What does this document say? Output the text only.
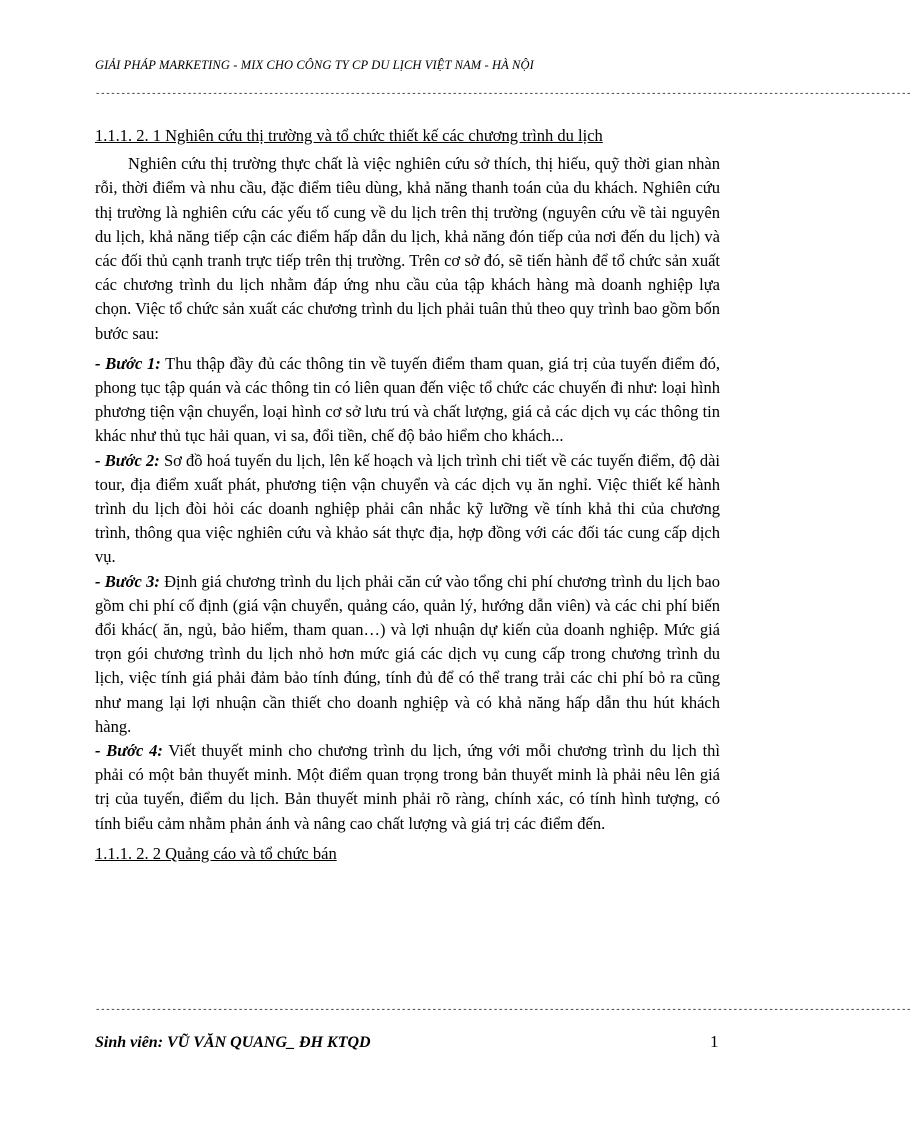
GIẢI PHÁP MARKETING - MIX CHO CÔNG TY CP DU LỊCH VIỆT NAM - HÀ NỘI
----------------------------------------------------------------------------------------------------------------------------------------------------------------

1.1.1. 2. 1 Nghiên cứu thị trường và tổ chức thiết kế các chương trình du lịch

Nghiên cứu thị trường thực chất là việc nghiên cứu sở thích, thị hiếu, quỹ thời gian nhàn rỗi, thời điểm và nhu cầu, đặc điểm tiêu dùng, khả năng thanh toán của du khách. Nghiên cứu thị trường là nghiên cứu các yếu tố cung về du lịch trên thị trường (nguyên cứu về tài nguyên du lịch, khả năng tiếp cận các điểm hấp dẫn du lịch, khả năng đón tiếp của nơi đến du lịch) và các đối thủ cạnh tranh trực tiếp trên thị trường. Trên cơ sở đó, sẽ tiến hành để tổ chức sản xuất các chương trình du lịch nhằm đáp ứng nhu cầu của tập khách hàng mà doanh nghiệp lựa chọn. Việc tổ chức sản xuất các chương trình du lịch phải tuân thủ theo quy trình bao gồm bốn bước sau:

- Bước 1: Thu thập đầy đủ các thông tin về tuyến điểm tham quan, giá trị của tuyến điểm đó, phong tục tập quán và các thông tin có liên quan đến việc tổ chức các chuyến đi như: loại hình phương tiện vận chuyển, loại hình cơ sở lưu trú và chất lượng, giá cả các dịch vụ các thông tin khác như thủ tục hải quan, vi sa, đổi tiền, chế độ bảo hiểm cho khách...

- Bước 2: Sơ đồ hoá tuyến du lịch, lên kế hoạch và lịch trình chi tiết về các tuyến điểm, độ dài tour, địa điểm xuất phát, phương tiện vận chuyển và các dịch vụ ăn nghỉ. Việc thiết kế hành trình du lịch đòi hỏi các doanh nghiệp phải cân nhắc kỹ lưỡng về tính khả thi của chương trình, thông qua việc nghiên cứu và khảo sát thực địa, hợp đồng với các đối tác cung cấp dịch vụ.

- Bước 3: Định giá chương trình du lịch phải căn cứ vào tổng chi phí chương trình du lịch bao gồm chi phí cố định (giá vận chuyển, quảng cáo, quản lý, hướng dẫn viên) và các chi phí biến đổi khác( ăn, ngủ, bảo hiểm, tham quan…) và lợi nhuận dự kiến của doanh nghiệp. Mức giá trọn gói chương trình du lịch nhỏ hơn mức giá các dịch vụ cung cấp trong chương trình du lịch, việc tính giá phải đảm bảo tính đúng, tính đủ để có thể trang trải các chi phí bỏ ra cũng như mang lại lợi nhuận cần thiết cho doanh nghiệp và có khả năng hấp dẫn thu hút khách hàng.

- Bước 4: Viết thuyết minh cho chương trình du lịch, ứng với mỗi chương trình du lịch thì phải có một bản thuyết minh. Một điểm quan trọng trong bản thuyết minh là phải nêu lên giá trị của tuyến, điểm du lịch. Bản thuyết minh phải rõ ràng, chính xác, có tính hình tượng, có tính biểu cảm nhằm phản ánh và nâng cao chất lượng và giá trị các điểm đến.

1.1.1. 2. 2 Quảng cáo và tổ chức bán

----------------------------------------------------------------------------------------------------------------------------------------------------------------
Sinh viên: VŨ VĂN QUANG_ ĐH KTQD	1
